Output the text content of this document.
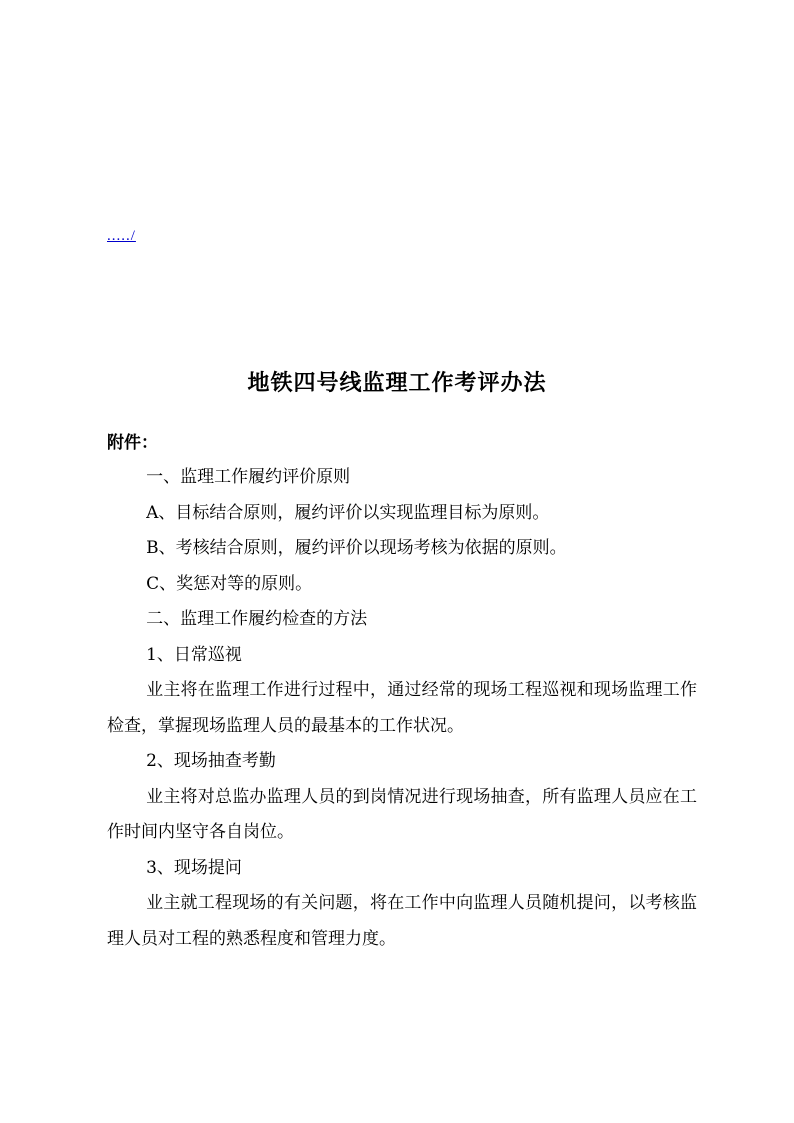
...../
地铁四号线监理工作考评办法
附件：

一、监理工作履约评价原则

A、目标结合原则，履约评价以实现监理目标为原则。

B、考核结合原则，履约评价以现场考核为依据的原则。

C、奖惩对等的原则。

二、监理工作履约检查的方法

1、日常巡视

业主将在监理工作进行过程中，通过经常的现场工程巡视和现场监理工作检查，掌握现场监理人员的最基本的工作状况。

2、现场抽查考勤

业主将对总监办监理人员的到岗情况进行现场抽查，所有监理人员应在工作时间内坚守各自岗位。

3、现场提问

业主就工程现场的有关问题，将在工作中向监理人员随机提问，以考核监理人员对工程的熟悉程度和管理力度。
